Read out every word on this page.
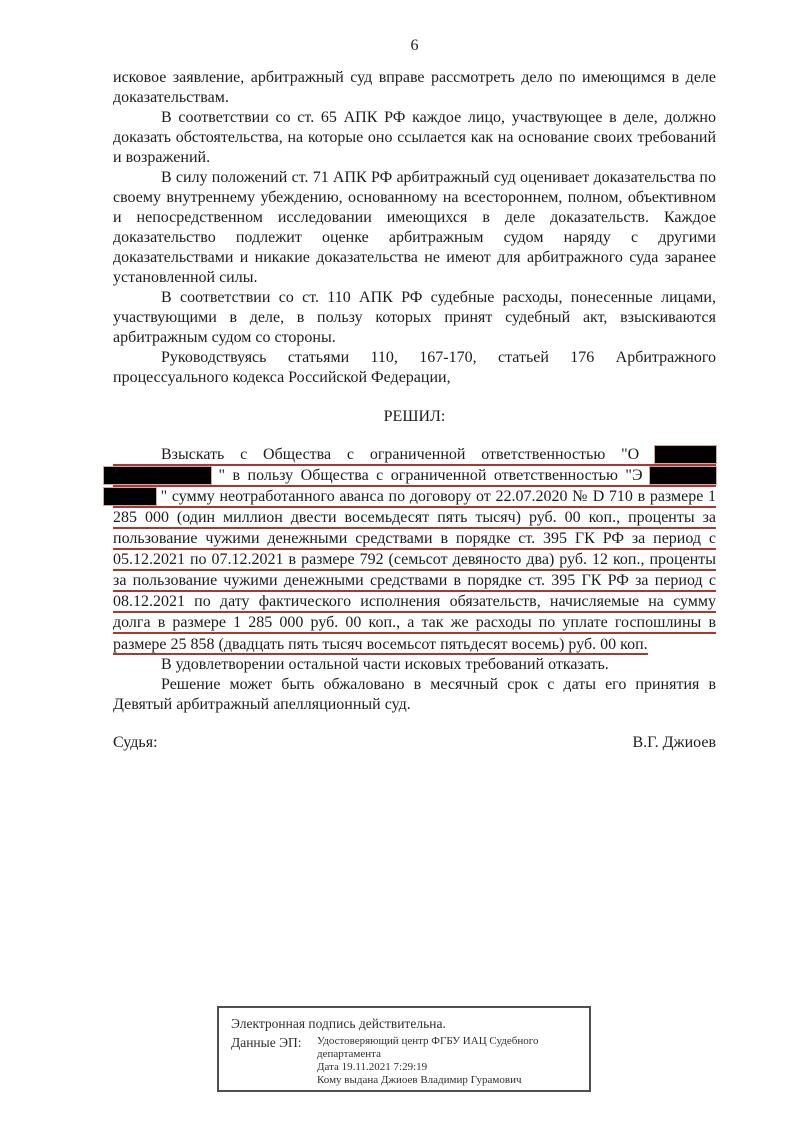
6

исковое заявление, арбитражный суд вправе рассмотреть дело по имеющимся в деле доказательствам.

В соответствии со ст. 65 АПК РФ каждое лицо, участвующее в деле, должно доказать обстоятельства, на которые оно ссылается как на основание своих требований и возражений.

В силу положений ст. 71 АПК РФ арбитражный суд оценивает доказательства по своему внутреннему убеждению, основанному на всестороннем, полном, объективном и непосредственном исследовании имеющихся в деле доказательств. Каждое доказательство подлежит оценке арбитражным судом наряду с другими доказательствами и никакие доказательства не имеют для арбитражного суда заранее установленной силы.

В соответствии со ст. 110 АПК РФ судебные расходы, понесенные лицами, участвующими в деле, в пользу которых принят судебный акт, взыскиваются арбитражным судом со стороны.

Руководствуясь статьями 110, 167-170, статьей 176 Арбитражного процессуального кодекса Российской Федерации,

РЕШИЛ:
Взыскать с Общества с ограниченной ответственностью "О
" в пользу Общества с ограниченной ответственностью "Э
" сумму неотработанного аванса по договору от 22.07.2020 № D 710 в размере 1
285 000 (один миллион двести восемьдесят пять тысяч) руб. 00 коп., проценты за
пользование чужими денежными средствами в порядке ст. 395 ГК РФ за период с
05.12.2021 по 07.12.2021 в размере 792 (семьсот девяносто два) руб. 12 коп., проценты
за пользование чужими денежными средствами в порядке ст. 395 ГК РФ за период с
08.12.2021 по дату фактического исполнения обязательств, начисляемые на сумму
долга в размере 1 285 000 руб. 00 коп., а так же расходы по уплате госпошлины в
размере 25 858 (двадцать пять тысяч восемьсот пятьдесят восемь) руб. 00 коп.

В удовлетворении остальной части исковых требований отказать.

Решение может быть обжаловано в месячный срок с даты его принятия в Девятый арбитражный апелляционный суд.

Судья:	В.Г. Джиоев
Электронная подпись действительна.
Данные ЭП:	Удостоверяющий центр ФГБУ ИАЦ Судебного департамента
Дата 19.11.2021 7:29:19
Кому выдана Джиоев Владимир Гурамович
